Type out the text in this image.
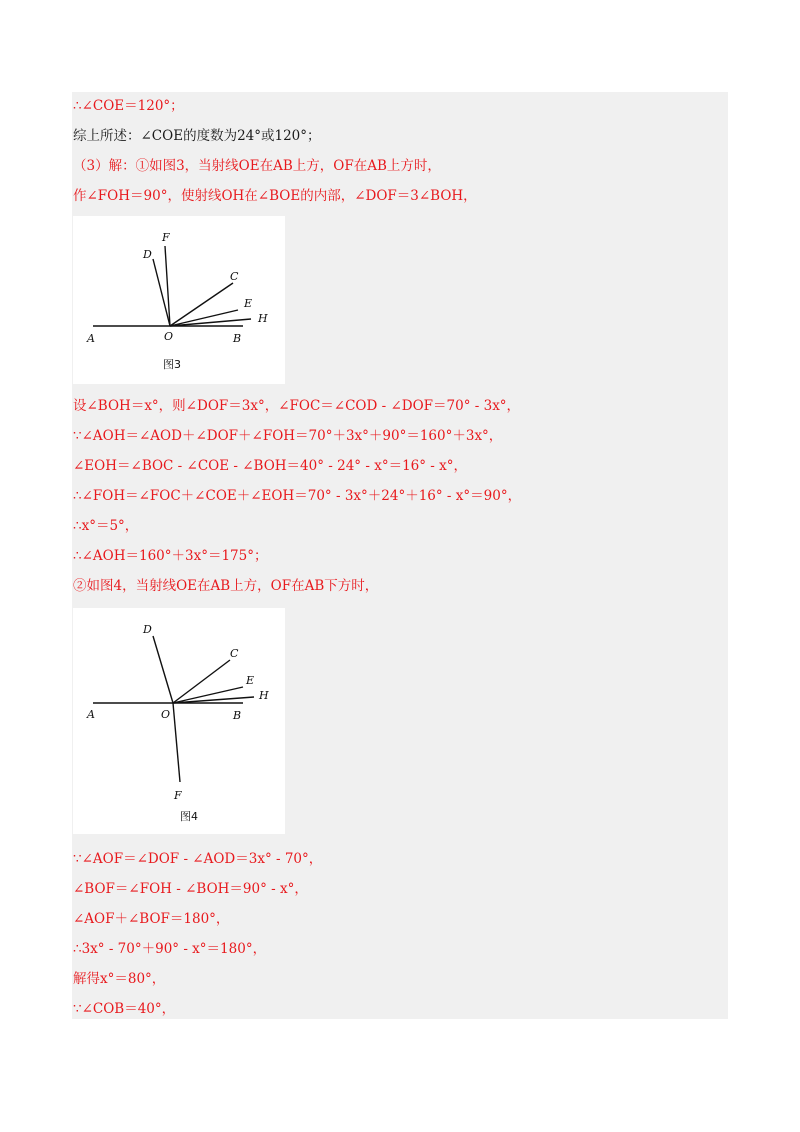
∴∠COE＝120°；
综上所述：∠COE的度数为24°或120°；
（3）解：①如图3，当射线OE在AB上方，OF在AB上方时，
作∠FOH＝90°，使射线OH在∠BOE的内部，∠DOF＝3∠BOH，
A	B
O
D
F
C
E
H
图3
设∠BOH＝x°，则∠DOF＝3x°，∠FOC＝∠COD - ∠DOF＝70° - 3x°，
∵∠AOH＝∠AOD＋∠DOF＋∠FOH＝70°＋3x°＋90°＝160°＋3x°，
∠EOH＝∠BOC - ∠COE - ∠BOH＝40° - 24° - x°＝16° - x°，
∴∠FOH＝∠FOC＋∠COE＋∠EOH＝70° - 3x°＋24°＋16° - x°＝90°，
∴x°＝5°，
∴∠AOH＝160°＋3x°＝175°；
②如图4，当射线OE在AB上方，OF在AB下方时，
A	B
O
D
C
E
H
F
图4
∵∠AOF＝∠DOF - ∠AOD＝3x° - 70°，
∠BOF＝∠FOH - ∠BOH＝90° - x°，
∠AOF＋∠BOF＝180°，
∴3x° - 70°＋90° - x°＝180°，
解得x°＝80°，
∵∠COB＝40°，
